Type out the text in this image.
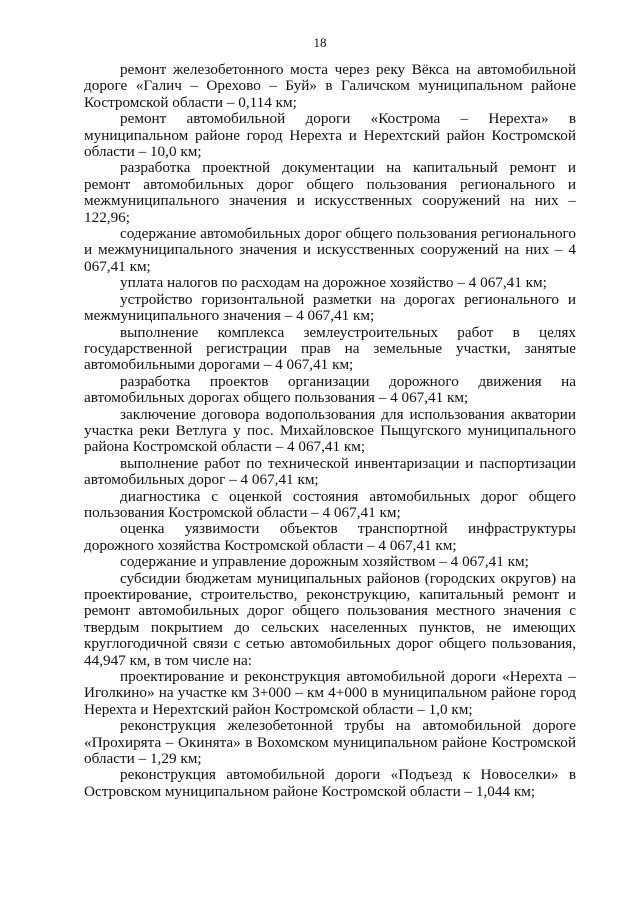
18

ремонт железобетонного моста через реку Вёкса на автомобильной дороге «Галич – Орехово – Буй» в Галичском муниципальном районе Костромской области – 0,114 км;

ремонт автомобильной дороги «Кострома – Нерехта» в муниципальном районе город Нерехта и Нерехтский район Костромской области – 10,0 км;

разработка проектной документации на капитальный ремонт и ремонт автомобильных дорог общего пользования регионального и межмуниципального значения и искусственных сооружений на них – 122,96;

содержание автомобильных дорог общего пользования регионального и межмуниципального значения и искусственных сооружений на них – 4 067,41 км;

уплата налогов по расходам на дорожное хозяйство – 4 067,41 км;

устройство горизонтальной разметки на дорогах регионального и межмуниципального значения – 4 067,41 км;

выполнение комплекса землеустроительных работ в целях государственной регистрации прав на земельные участки, занятые автомобильными дорогами – 4 067,41 км;

разработка проектов организации дорожного движения на автомобильных дорогах общего пользования – 4 067,41 км;

заключение договора водопользования для использования акватории участка реки Ветлуга у пос. Михайловское Пыщугского муниципального района Костромской области – 4 067,41 км;

выполнение работ по технической инвентаризации и паспортизации автомобильных дорог – 4 067,41 км;

диагностика с оценкой состояния автомобильных дорог общего пользования Костромской области – 4 067,41 км;

оценка уязвимости объектов транспортной инфраструктуры дорожного хозяйства Костромской области – 4 067,41 км;

содержание и управление дорожным хозяйством – 4 067,41 км;

субсидии бюджетам муниципальных районов (городских округов) на проектирование, строительство, реконструкцию, капитальный ремонт и ремонт автомобильных дорог общего пользования местного значения с твердым покрытием до сельских населенных пунктов, не имеющих круглогодичной связи с сетью автомобильных дорог общего пользования, 44,947 км, в том числе на:

проектирование и реконструкция автомобильной дороги «Нерехта – Иголкино» на участке км 3+000 – км 4+000 в муниципальном районе город Нерехта и Нерехтский район Костромской области – 1,0 км;

реконструкция железобетонной трубы на автомобильной дороге «Прохирята – Окинята» в Вохомском муниципальном районе Костромской области – 1,29 км;

реконструкция автомобильной дороги «Подъезд к Новоселки» в Островском муниципальном районе Костромской области – 1,044 км;
